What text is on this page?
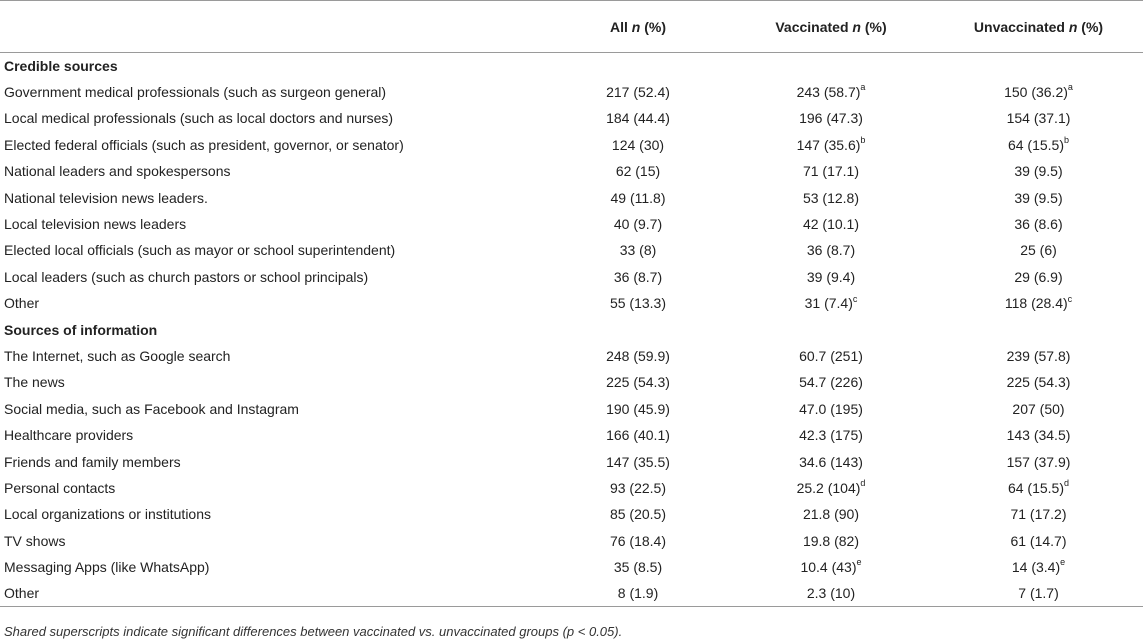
	All n (%)	Vaccinated n (%)	Unvaccinated n (%)
Credible sources			
Government medical professionals (such as surgeon general)	217 (52.4)	243 $(58.7)^a$	150 $(36.2)^a$
Local medical professionals (such as local doctors and nurses)	184 (44.4)	196 (47.3)	154 (37.1)
Elected federal officials (such as president, governor, or senator)	124 (30)	147 $(35.6)^b$	64 $(15.5)^b$
National leaders and spokespersons	62 (15)	71 (17.1)	39 (9.5)
National television news leaders.	49 (11.8)	53 (12.8)	39 (9.5)
Local television news leaders	40 (9.7)	42 (10.1)	36 (8.6)
Elected local officials (such as mayor or school superintendent)	33 (8)	36 (8.7)	25 (6)
Local leaders (such as church pastors or school principals)	36 (8.7)	39 (9.4)	29 (6.9)
Other	55 (13.3)	31 $(7.4)^c$	118 $(28.4)^c$
Sources of information			
The Internet, such as Google search	248 (59.9)	60.7 (251)	239 (57.8)
The news	225 (54.3)	54.7 (226)	225 (54.3)
Social media, such as Facebook and Instagram	190 (45.9)	47.0 (195)	207 (50)
Healthcare providers	166 (40.1)	42.3 (175)	143 (34.5)
Friends and family members	147 (35.5)	34.6 (143)	157 (37.9)
Personal contacts	93 (22.5)	25.2 $(104)^d$	64 $(15.5)^d$
Local organizations or institutions	85 (20.5)	21.8 (90)	71 (17.2)
TV shows	76 (18.4)	19.8 (82)	61 (14.7)
Messaging Apps (like WhatsApp)	35 (8.5)	10.4 $(43)^e$	14 $(3.4)^e$
Other	8 (1.9)	2.3 (10)	7 (1.7)
Shared superscripts indicate significant differences between vaccinated vs. unvaccinated groups (p < 0.05).
